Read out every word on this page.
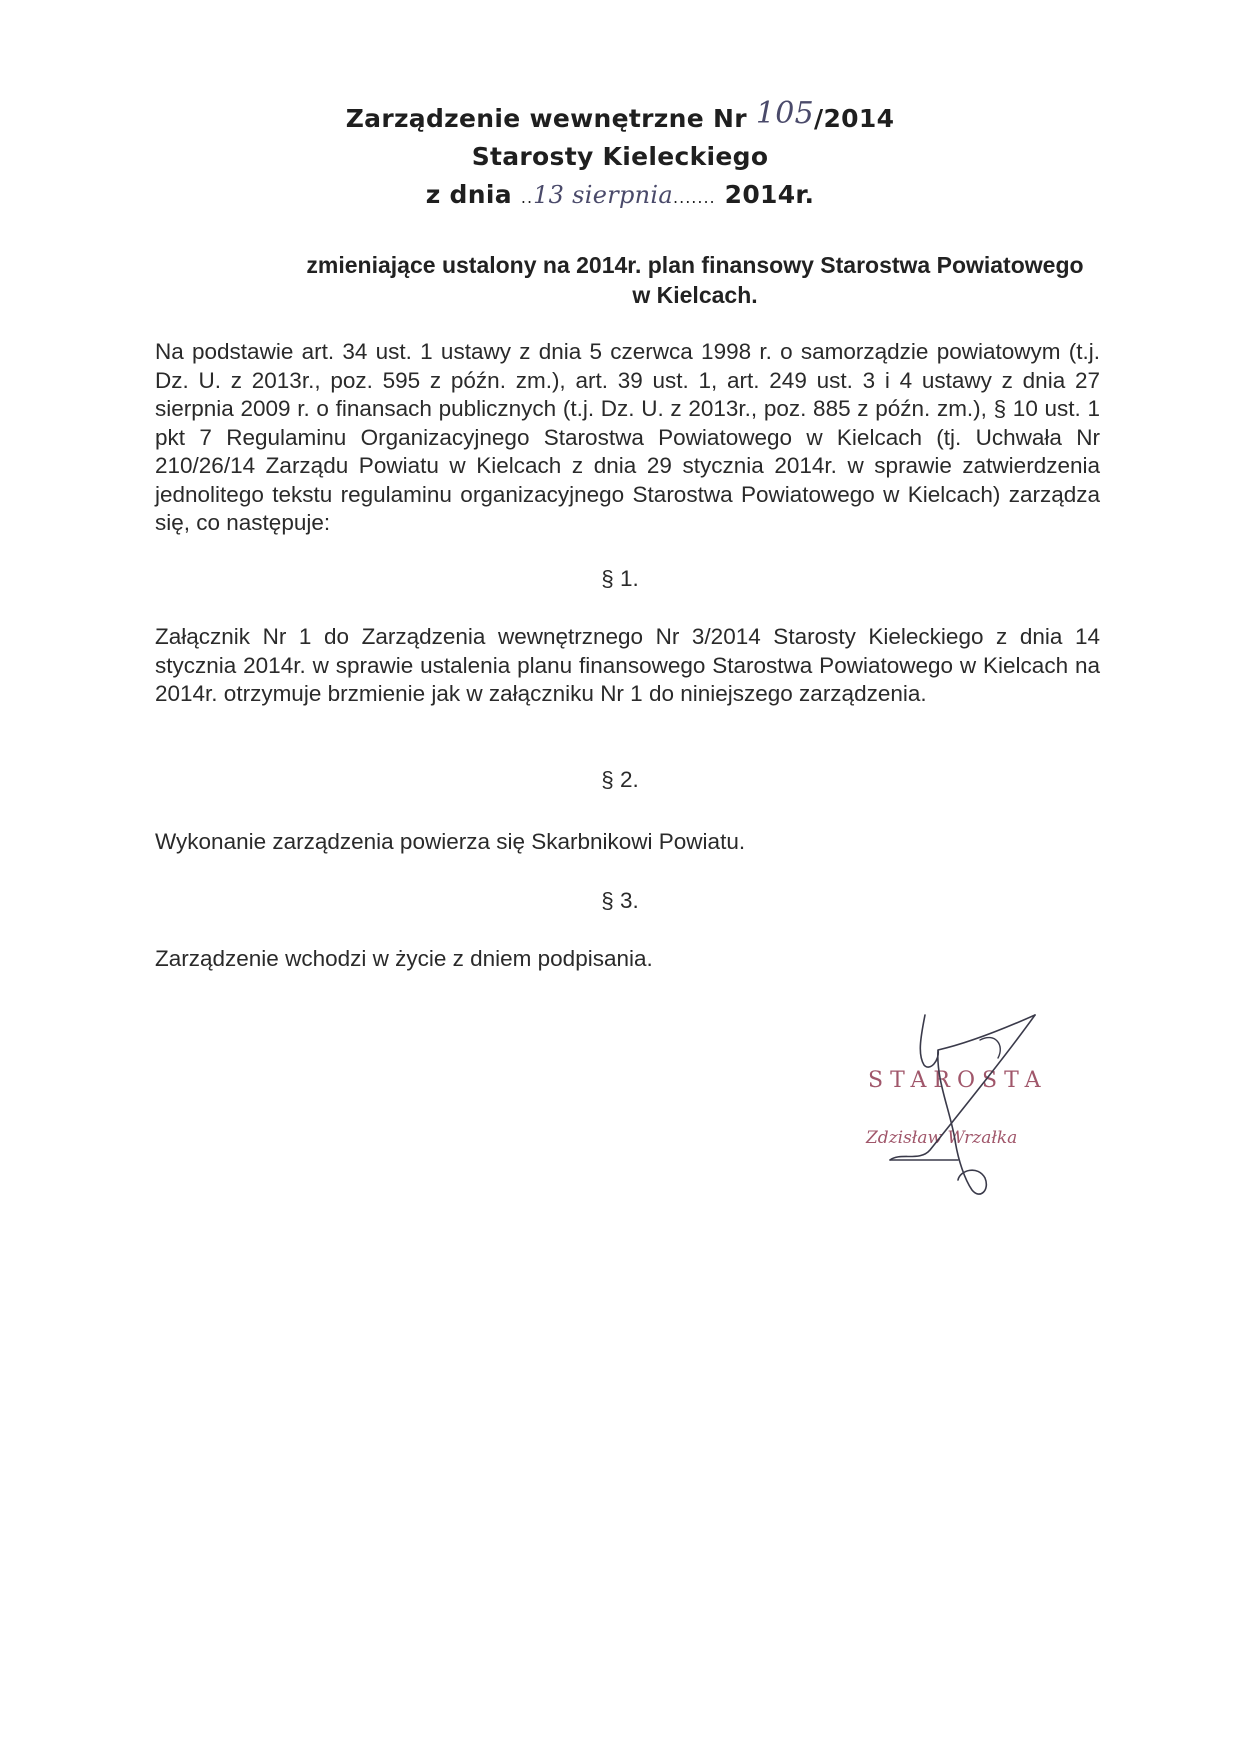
Zarządzenie wewnętrzne Nr 105/2014
Starosty Kieleckiego
z dnia ..13 sierpnia....... 2014r.
zmieniające ustalony na 2014r. plan finansowy Starostwa Powiatowego
w Kielcach.
Na podstawie art. 34 ust. 1 ustawy z dnia 5 czerwca 1998 r. o samorządzie powiatowym (t.j. Dz. U. z 2013r., poz. 595 z późn. zm.), art. 39 ust. 1, art. 249 ust. 3 i 4 ustawy z dnia 27 sierpnia 2009 r. o finansach publicznych (t.j. Dz. U. z 2013r., poz. 885 z późn. zm.), § 10 ust. 1 pkt 7 Regulaminu Organizacyjnego Starostwa Powiatowego w Kielcach (tj. Uchwała Nr 210/26/14 Zarządu Powiatu w Kielcach z dnia 29 stycznia 2014r. w sprawie zatwierdzenia jednolitego tekstu regulaminu organizacyjnego Starostwa Powiatowego w Kielcach) zarządza się, co następuje:
§ 1.
Załącznik Nr 1 do Zarządzenia wewnętrznego Nr 3/2014 Starosty Kieleckiego z dnia 14 stycznia 2014r. w sprawie ustalenia planu finansowego Starostwa Powiatowego w Kielcach na 2014r. otrzymuje brzmienie jak w załączniku Nr 1 do niniejszego zarządzenia.
§ 2.
Wykonanie zarządzenia powierza się Skarbnikowi Powiatu.
§ 3.
Zarządzenie wchodzi w życie z dniem podpisania.
STAROSTA
Zdzisław Wrzałka
